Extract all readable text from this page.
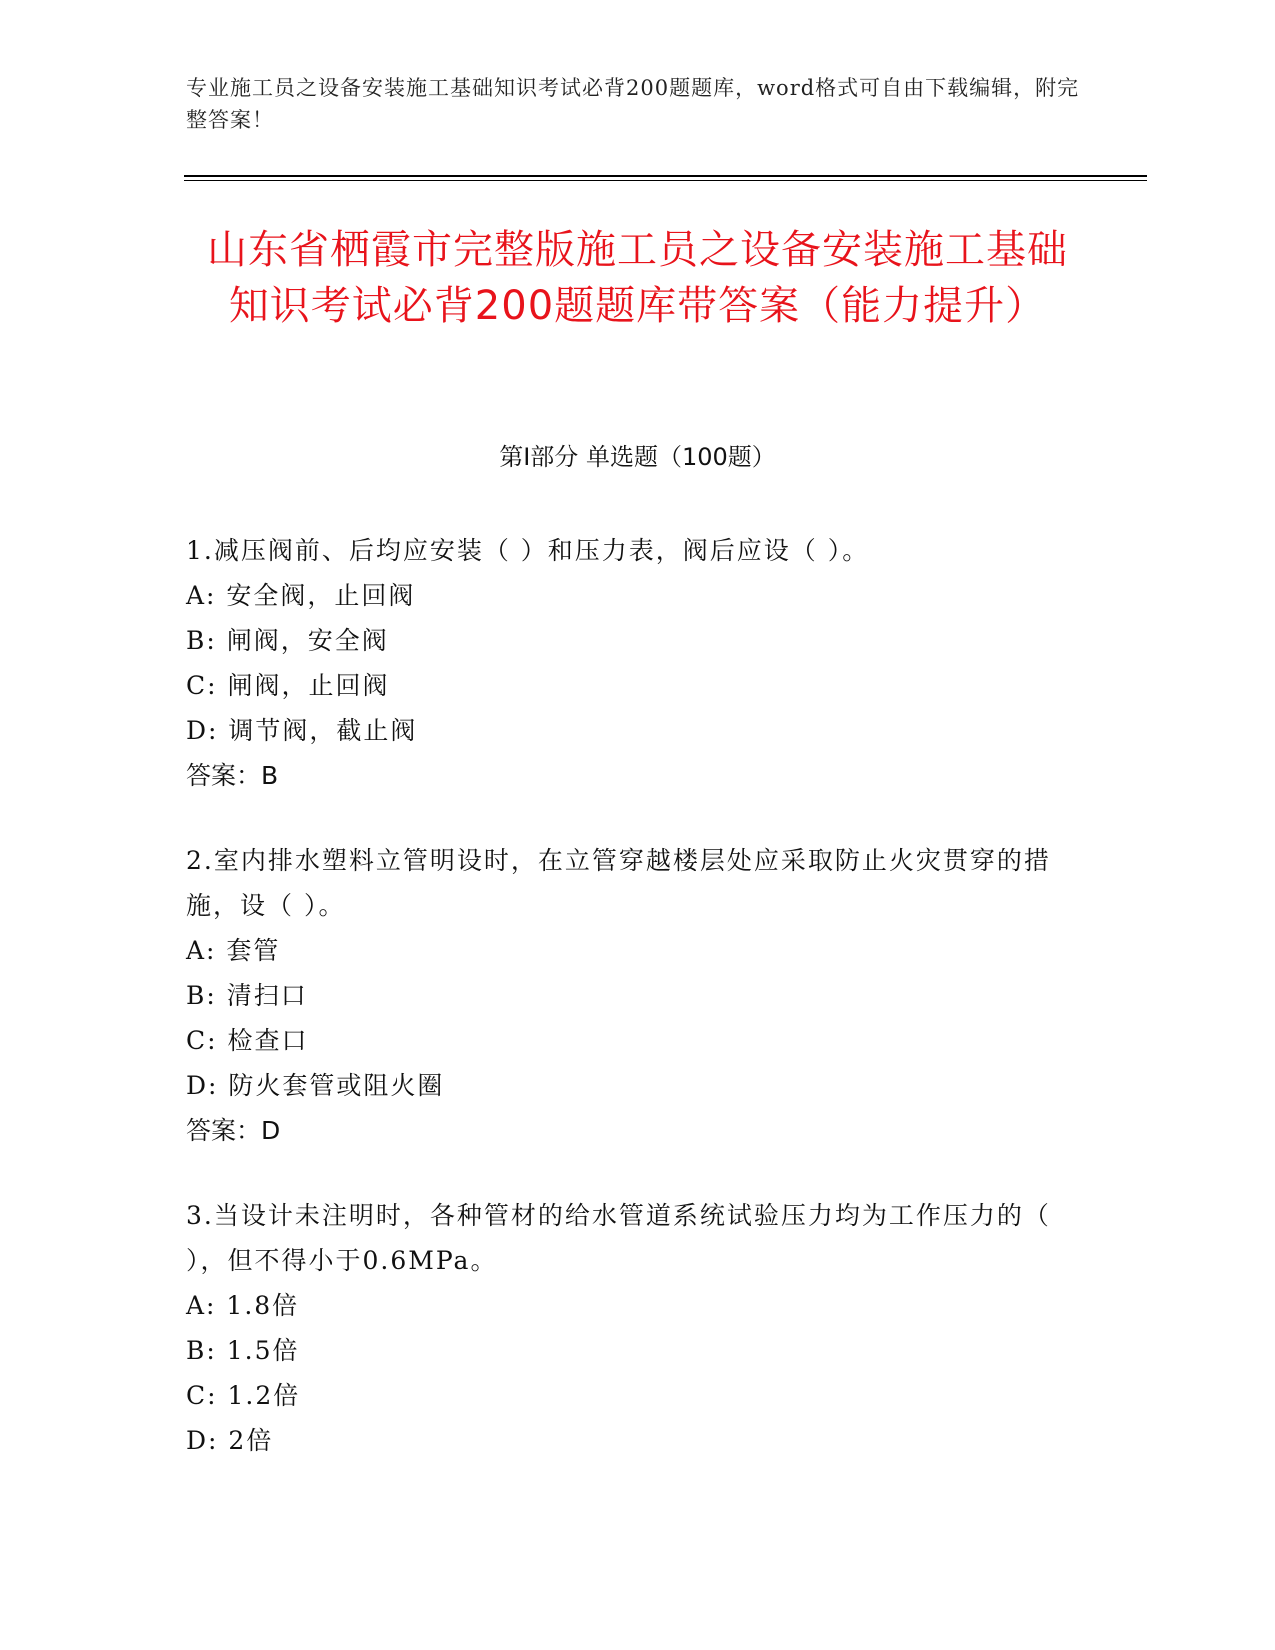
专业施工员之设备安装施工基础知识考试必背200题题库，word格式可自由下载编辑，附完整答案！
山东省栖霞市完整版施工员之设备安装施工基础知识考试必背200题题库带答案（能力提升）
第I部分 单选题（100题）

1.减压阀前、后均应安装（ ）和压力表，阀后应设（ ）。

A: 安全阀，止回阀

B: 闸阀，安全阀

C: 闸阀，止回阀

D: 调节阀，截止阀

答案：B

2.室内排水塑料立管明设时，在立管穿越楼层处应采取防止火灾贯穿的措施，设（ ）。

A: 套管

B: 清扫口

C: 检查口

D: 防火套管或阻火圈

答案：D

3.当设计未注明时，各种管材的给水管道系统试验压力均为工作压力的（ ），但不得小于0.6MPa。

A: 1.8倍

B: 1.5倍

C: 1.2倍

D: 2倍
